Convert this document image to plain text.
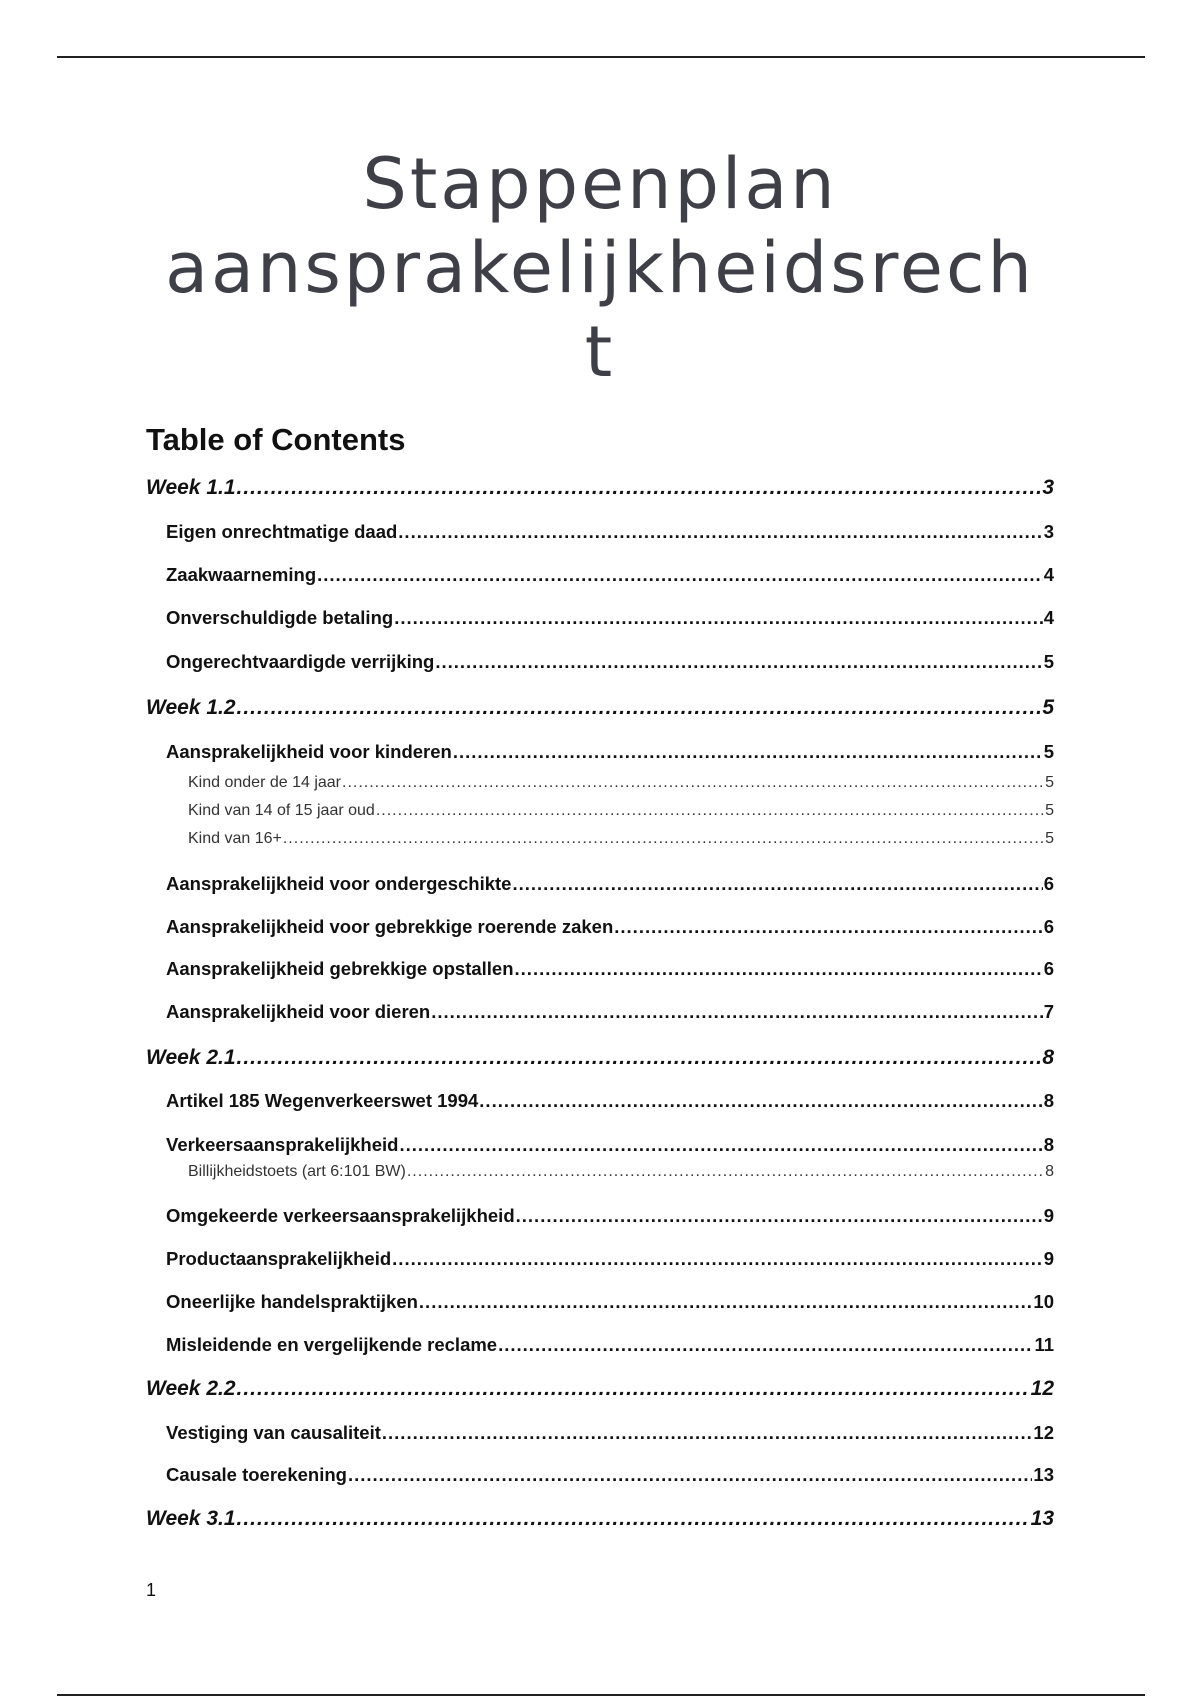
Stappenplan
aansprakelijkheidsrech
t
Table of Contents
Week 1.1 .....	3
Eigen onrechtmatige daad .....	3
Zaakwaarneming .....	4
Onverschuldigde betaling .....	4
Ongerechtvaardigde verrijking .....	5
Week 1.2 .....	5
Aansprakelijkheid voor kinderen .....	5
Kind onder de 14 jaar .....	5
Kind van 14 of 15 jaar oud .....	5
Kind van 16+ .....	5
Aansprakelijkheid voor ondergeschikte .....	6
Aansprakelijkheid voor gebrekkige roerende zaken .....	6
Aansprakelijkheid gebrekkige opstallen .....	6
Aansprakelijkheid voor dieren .....	7
Week 2.1 .....	8
Artikel 185 Wegenverkeerswet 1994 .....	8
Verkeersaansprakelijkheid .....	8
Billijkheidstoets (art 6:101 BW) .....	8
Omgekeerde verkeersaansprakelijkheid .....	9
Productaansprakelijkheid .....	9
Oneerlijke handelspraktijken .....	10
Misleidende en vergelijkende reclame .....	11
Week 2.2 .....	12
Vestiging van causaliteit .....	12
Causale toerekening .....	13
Week 3.1 .....	13
1
